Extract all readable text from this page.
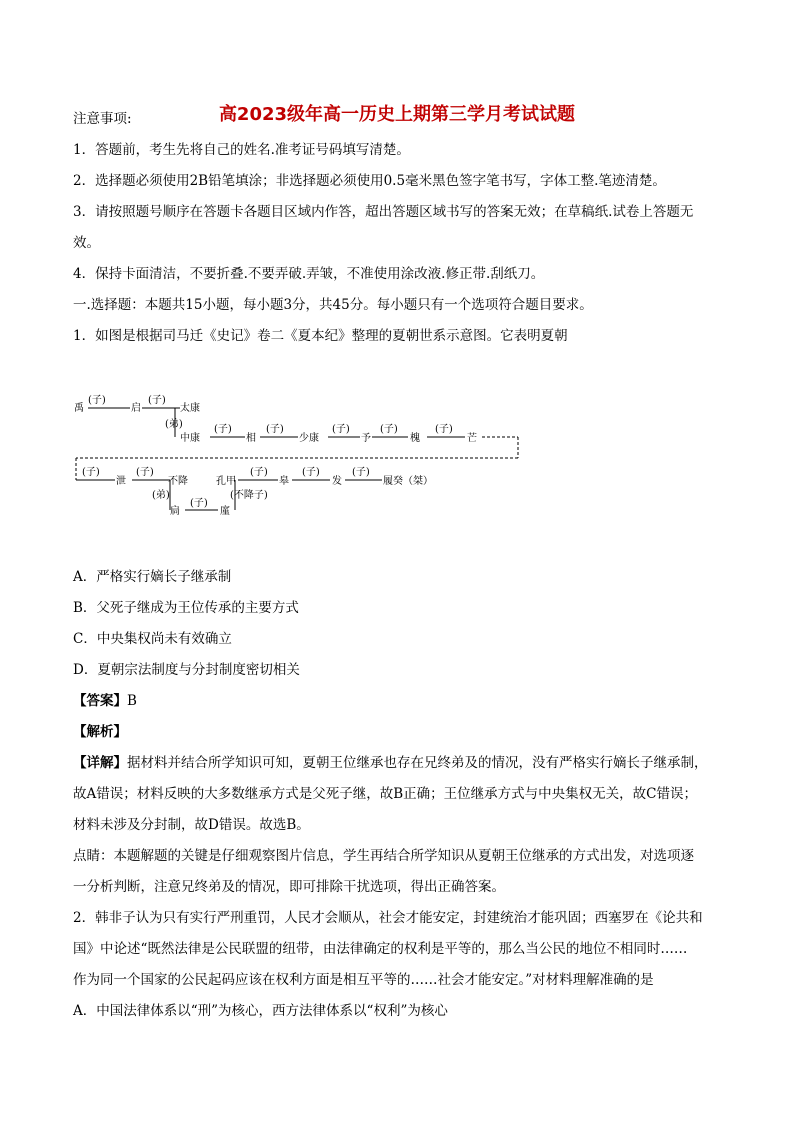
高2023级年高一历史上期第三学月考试试题
注意事项:
1．答题前，考生先将自己的姓名.准考证号码填写清楚。
2．选择题必须使用2B铅笔填涂；非选择题必须使用0.5毫米黑色签字笔书写，字体工整.笔迹清楚。
3．请按照题号顺序在答题卡各题目区域内作答，超出答题区域书写的答案无效；在草稿纸.试卷上答题无
效。
4．保持卡面清洁，不要折叠.不要弄破.弄皱，不准使用涂改液.修正带.刮纸刀。
一.选择题：本题共15小题，每小题3分，共45分。每小题只有一个选项符合题目要求。
1．如图是根据司马迁《史记》卷二《夏本纪》整理的夏朝世系示意图。它表明夏朝
禹	启	太康
(子)	(子)
(弟)
中康	相	少康	予	槐	芒
(子)	(子)	(子)	(子)	(子)
泄	不降	孔甲	皋	发	履癸（桀）
(子)	(子)	(子)	(子)	(子)
(弟)	(不降子)
扃	廑
(子)
A．严格实行嫡长子继承制
B．父死子继成为王位传承的主要方式
C．中央集权尚未有效确立
D．夏朝宗法制度与分封制度密切相关
【答案】B
【解析】
【详解】据材料并结合所学知识可知，夏朝王位继承也存在兄终弟及的情况，没有严格实行嫡长子继承制，
故A错误；材料反映的大多数继承方式是父死子继，故B正确；王位继承方式与中央集权无关，故C错误；
材料未涉及分封制，故D错误。故选B。
点睛：本题解题的关键是仔细观察图片信息，学生再结合所学知识从夏朝王位继承的方式出发，对选项逐
一分析判断，注意兄终弟及的情况，即可排除干扰选项，得出正确答案。
2．韩非子认为只有实行严刑重罚，人民才会顺从，社会才能安定，封建统治才能巩固；西塞罗在《论共和
国》中论述“既然法律是公民联盟的纽带，由法律确定的权利是平等的，那么当公民的地位不相同时……
作为同一个国家的公民起码应该在权利方面是相互平等的……社会才能安定。”对材料理解准确的是
A．中国法律体系以“刑”为核心，西方法律体系以“权利”为核心
